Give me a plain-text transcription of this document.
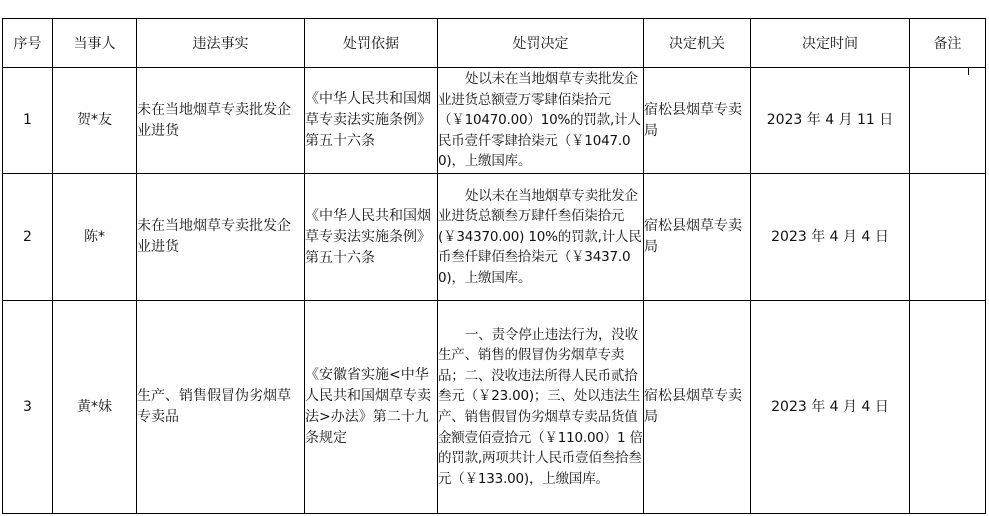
序号	当事人	违法事实	处罚依据	处罚决定	决定机关	决定时间	备注
1	贺*友	未在当地烟草专卖批发企业进货	《中华人民共和国烟草专卖法实施条例》第五十六条	处以未在当地烟草专卖批发企业进货总额壹万零肆佰柒拾元（￥10470.00）10%的罚款,计人民币壹仟零肆拾柒元（￥1047.00)，上缴国库。	宿松县烟草专卖局	2023 年 4 月 11 日	
2	陈*	未在当地烟草专卖批发企业进货	《中华人民共和国烟草专卖法实施条例》第五十六条	处以未在当地烟草专卖批发企业进货总额叁万肆仟叁佰柒拾元(￥34370.00) 10%的罚款,计人民币叁仟肆佰叁拾柒元（￥3437.00)，上缴国库。	宿松县烟草专卖局	2023 年 4 月 4 日	
3	黄*妹	生产、销售假冒伪劣烟草专卖品	《安徽省实施<中华人民共和国烟草专卖法>办法》第二十九条规定	一、责令停止违法行为，没收生产、销售的假冒伪劣烟草专卖品；二、没收违法所得人民币贰拾叁元（￥23.00)；三、处以违法生产、销售假冒伪劣烟草专卖品货值金额壹佰壹拾元（￥110.00）1 倍的罚款,两项共计人民币壹佰叁拾叁元（￥133.00)，上缴国库。	宿松县烟草专卖局	2023 年 4 月 4 日	
